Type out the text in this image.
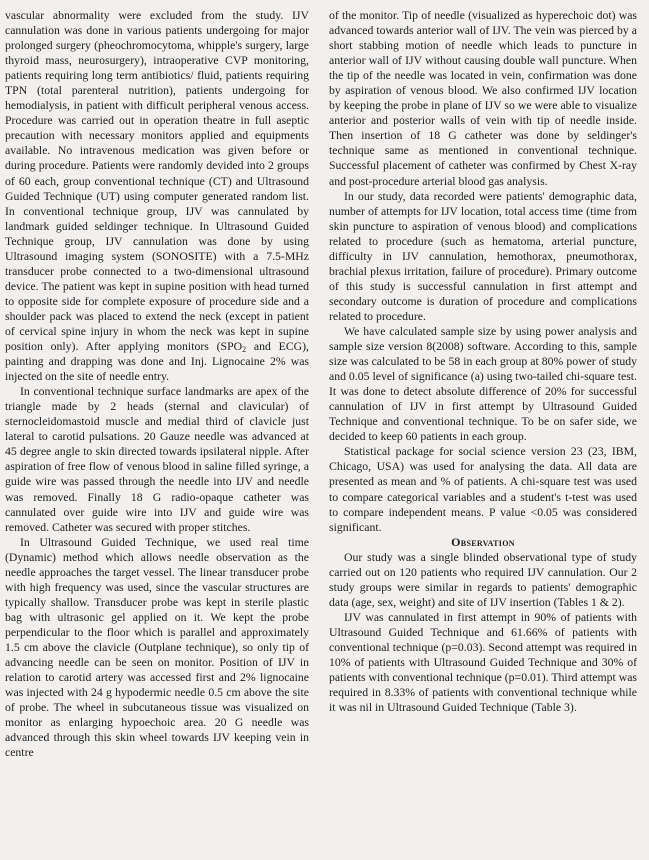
vascular abnormality were excluded from the study. IJV cannulation was done in various patients undergoing for major prolonged surgery (pheochromocytoma, whipple's surgery, large thyroid mass, neurosurgery), intraoperative CVP monitoring, patients requiring long term antibiotics/ fluid, patients requiring TPN (total parenteral nutrition), patients undergoing for hemodialysis, in patient with difficult peripheral venous access. Procedure was carried out in operation theatre in full aseptic precaution with necessary monitors applied and equipments available. No intravenous medication was given before or during procedure. Patients were randomly devided into 2 groups of 60 each, group conventional technique (CT) and Ultrasound Guided Technique (UT) using computer generated random list. In conventional technique group, IJV was cannulated by landmark guided seldinger technique. In Ultrasound Guided Technique group, IJV cannulation was done by using Ultrasound imaging system (SONOSITE) with a 7.5-MHz transducer probe connected to a two-dimensional ultrasound device. The patient was kept in supine position with head turned to opposite side for complete exposure of procedure side and a shoulder pack was placed to extend the neck (except in patient of cervical spine injury in whom the neck was kept in supine position only). After applying monitors ($SPO_2$ and ECG), painting and drapping was done and Inj. Lignocaine 2% was injected on the site of needle entry.

In conventional technique surface landmarks are apex of the triangle made by 2 heads (sternal and clavicular) of sternocleidomastoid muscle and medial third of clavicle just lateral to carotid pulsations. 20 Gauze needle was advanced at 45 degree angle to skin directed towards ipsilateral nipple. After aspiration of free flow of venous blood in saline filled syringe, a guide wire was passed through the needle into IJV and needle was removed. Finally 18 G radio-opaque catheter was cannulated over guide wire into IJV and guide wire was removed. Catheter was secured with proper stitches.

In Ultrasound Guided Technique, we used real time (Dynamic) method which allows needle observation as the needle approaches the target vessel. The linear transducer probe with high frequency was used, since the vascular structures are typically shallow. Transducer probe was kept in sterile plastic bag with ultrasonic gel applied on it. We kept the probe perpendicular to the floor which is parallel and approximately 1.5 cm above the clavicle (Outplane technique), so only tip of advancing needle can be seen on monitor. Position of IJV in relation to carotid artery was accessed first and 2% lignocaine was injected with 24 g hypodermic needle 0.5 cm above the site of probe. The wheel in subcutaneous tissue was visualized on monitor as enlarging hypoechoic area. 20 G needle was advanced through this skin wheel towards IJV keeping vein in centre

of the monitor. Tip of needle (visualized as hyperechoic dot) was advanced towards anterior wall of IJV. The vein was pierced by a short stabbing motion of needle which leads to puncture in anterior wall of IJV without causing double wall puncture. When the tip of the needle was located in vein, confirmation was done by aspiration of venous blood. We also confirmed IJV location by keeping the probe in plane of IJV so we were able to visualize anterior and posterior walls of vein with tip of needle inside. Then insertion of 18 G catheter was done by seldinger's technique same as mentioned in conventional technique. Successful placement of catheter was confirmed by Chest X-ray and post-procedure arterial blood gas analysis.

In our study, data recorded were patients' demographic data, number of attempts for IJV location, total access time (time from skin puncture to aspiration of venous blood) and complications related to procedure (such as hematoma, arterial puncture, difficulty in IJV cannulation, hemothorax, pneumothorax, brachial plexus irritation, failure of procedure). Primary outcome of this study is successful cannulation in first attempt and secondary outcome is duration of procedure and complications related to procedure.

We have calculated sample size by using power analysis and sample size version 8(2008) software. According to this, sample size was calculated to be 58 in each group at 80% power of study and 0.05 level of significance (a) using two-tailed chi-square test. It was done to detect absolute difference of 20% for successful cannulation of IJV in first attempt by Ultrasound Guided Technique and conventional technique. To be on safer side, we decided to keep 60 patients in each group.

Statistical package for social science version 23 (23, IBM, Chicago, USA) was used for analysing the data. All data are presented as mean and % of patients. A chi-square test was used to compare categorical variables and a student's t-test was used to compare independent means. P value <0.05 was considered significant.

Observation

Our study was a single blinded observational type of study carried out on 120 patients who required IJV cannulation. Our 2 study groups were similar in regards to patients' demographic data (age, sex, weight) and site of IJV insertion (Tables 1 & 2).

IJV was cannulated in first attempt in 90% of patients with Ultrasound Guided Technique and 61.66% of patients with conventional technique (p=0.03). Second attempt was required in 10% of patients with Ultrasound Guided Technique and 30% of patients with conventional technique (p=0.01). Third attempt was required in 8.33% of patients with conventional technique while it was nil in Ultrasound Guided Technique (Table 3).
